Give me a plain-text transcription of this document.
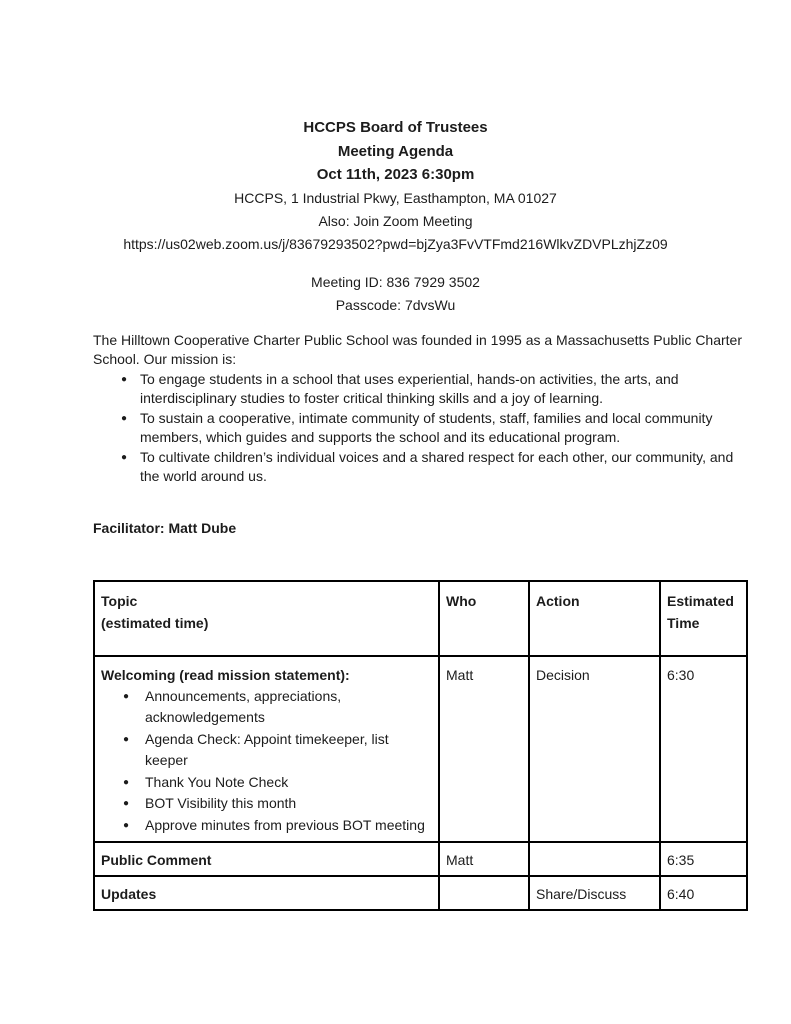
HCCPS Board of Trustees
Meeting Agenda
Oct 11th, 2023 6:30pm
HCCPS, 1 Industrial Pkwy, Easthampton, MA 01027
Also: Join Zoom Meeting
https://us02web.zoom.us/j/83679293502?pwd=bjZya3FvVTFmd216WlkvZDVPLzhjZz09
Meeting ID: 836 7929 3502
Passcode: 7dvsWu

The Hilltown Cooperative Charter Public School was founded in 1995 as a Massachusetts Public Charter School. Our mission is:

● To engage students in a school that uses experiential, hands-on activities, the arts, and interdisciplinary studies to foster critical thinking skills and a joy of learning.
● To sustain a cooperative, intimate community of students, staff, families and local community members, which guides and supports the school and its educational program.
● To cultivate children’s individual voices and a shared respect for each other, our community, and the world around us.
Facilitator: Matt Dube
Topic
(estimated time)	Who	Action	Estimated Time

Welcoming (read mission statement):
● Announcements, appreciations, acknowledgements
● Agenda Check: Appoint timekeeper, list keeper
● Thank You Note Check
● BOT Visibility this month
● Approve minutes from previous BOT meeting
	Matt	Decision	6:30
Public Comment	Matt		6:35
Updates		Share/Discuss	6:40
